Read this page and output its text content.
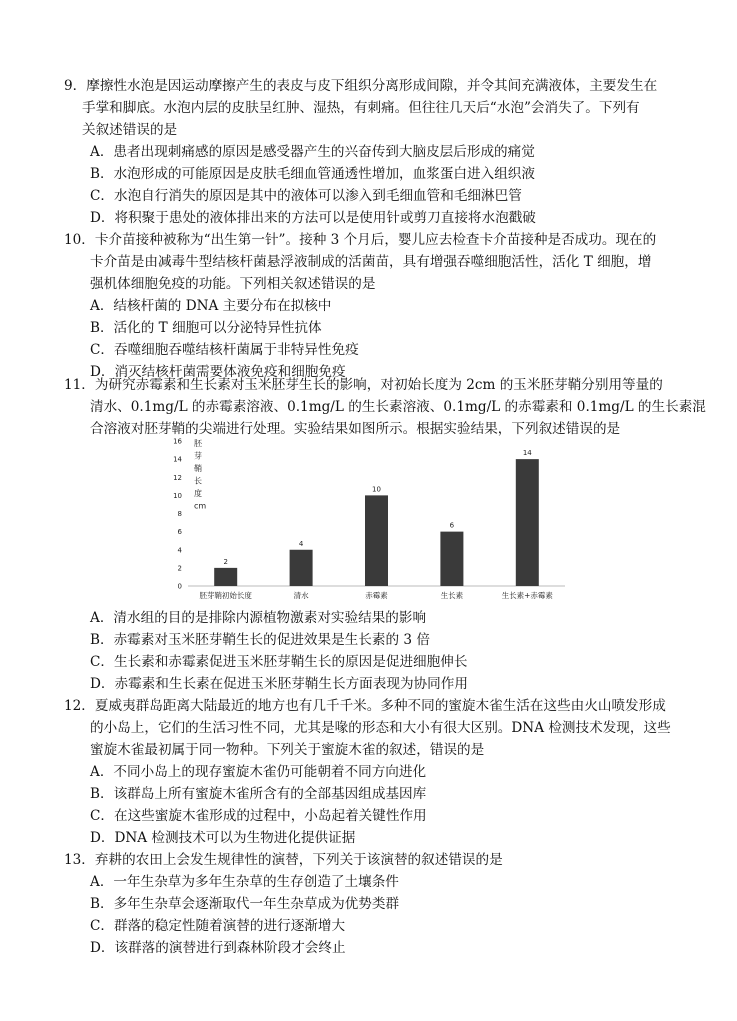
9．摩擦性水泡是因运动摩擦产生的表皮与皮下组织分离形成间隙，并令其间充满液体，主要发生在
手掌和脚底。水泡内层的皮肤呈红肿、湿热，有刺痛。但往往几天后“水泡”会消失了。下列有
关叙述错误的是
A．患者出现刺痛感的原因是感受器产生的兴奋传到大脑皮层后形成的痛觉
B．水泡形成的可能原因是皮肤毛细血管通透性增加，血浆蛋白进入组织液
C．水泡自行消失的原因是其中的液体可以渗入到毛细血管和毛细淋巴管
D．将积聚于患处的液体排出来的方法可以是使用针或剪刀直接将水泡戳破
10．卡介苗接种被称为“出生第一针”。接种 3 个月后，婴儿应去检查卡介苗接种是否成功。现在的
卡介苗是由减毒牛型结核杆菌悬浮液制成的活菌苗，具有增强吞噬细胞活性，活化 T 细胞，增
强机体细胞免疫的功能。下列相关叙述错误的是
A．结核杆菌的 DNA 主要分布在拟核中
B．活化的 T 细胞可以分泌特异性抗体
C．吞噬细胞吞噬结核杆菌属于非特异性免疫
D．消灭结核杆菌需要体液免疫和细胞免疫
11．为研究赤霉素和生长素对玉米胚芽生长的影响，对初始长度为 2cm 的玉米胚芽鞘分别用等量的
清水、0.1mg/L 的赤霉素溶液、0.1mg/L 的生长素溶液、0.1mg/L 的赤霉素和 0.1mg/L 的生长素混
合溶液对胚芽鞘的尖端进行处理。实验结果如图所示。根据实验结果，下列叙述错误的是
0
2
4
6
8
10
12
14
16 胚
芽
鞘
长
度
cm
2
胚芽鞘初始长度
4
清水
10
赤霉素
6
生长素
14
生长素+赤霉素
A．清水组的目的是排除内源植物激素对实验结果的影响
B．赤霉素对玉米胚芽鞘生长的促进效果是生长素的 3 倍
C．生长素和赤霉素促进玉米胚芽鞘生长的原因是促进细胞伸长
D．赤霉素和生长素在促进玉米胚芽鞘生长方面表现为协同作用
12．夏威夷群岛距离大陆最近的地方也有几千千米。多种不同的蜜旋木雀生活在这些由火山喷发形成
的小岛上，它们的生活习性不同，尤其是喙的形态和大小有很大区别。DNA 检测技术发现，这些
蜜旋木雀最初属于同一物种。下列关于蜜旋木雀的叙述，错误的是
A．不同小岛上的现存蜜旋木雀仍可能朝着不同方向进化
B．该群岛上所有蜜旋木雀所含有的全部基因组成基因库
C．在这些蜜旋木雀形成的过程中，小岛起着关键性作用
D．DNA 检测技术可以为生物进化提供证据
13．弃耕的农田上会发生规律性的演替，下列关于该演替的叙述错误的是
A．一年生杂草为多年生杂草的生存创造了土壤条件
B．多年生杂草会逐渐取代一年生杂草成为优势类群
C．群落的稳定性随着演替的进行逐渐增大
D．该群落的演替进行到森林阶段才会终止
